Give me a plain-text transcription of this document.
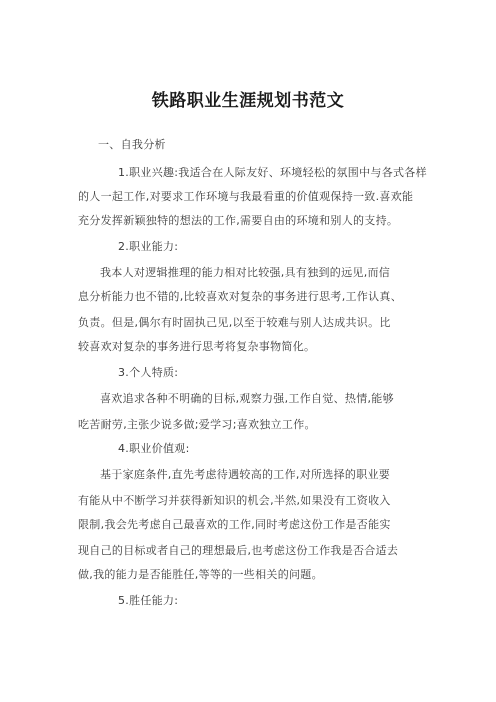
铁路职业生涯规划书范文
一、自我分析
1.职业兴趣:我适合在人际友好、环境轻松的氛围中与各式各样
的人一起工作,对要求工作环境与我最看重的价值观保持一致.喜欢能
充分发挥新颖独特的想法的工作,需要自由的环境和别人的支持。
2.职业能力:
我本人对逻辑推理的能力相对比较强,具有独到的远见,而信
息分析能力也不错的,比较喜欢对复杂的事务进行思考,工作认真、
负责。但是,偶尔有时固执己见,以至于较难与别人达成共识。比
较喜欢对复杂的事务进行思考将复杂事物简化。
3.个人特质:
喜欢追求各种不明确的目标,观察力强,工作自觉、热情,能够
吃苦耐劳,主张少说多做;爱学习;喜欢独立工作。
4.职业价值观:
基于家庭条件,直先考虑待遇较高的工作,对所选择的职业要
有能从中不断学习并获得新知识的机会,半然,如果没有工资收入
限制,我会先考虑自己最喜欢的工作,同时考虑这份工作是否能实
现自己的目标或者自己的理想最后,也考虑这份工作我是否合适去
做,我的能力是否能胜任,等等的一些相关的问题。
5.胜任能力:
